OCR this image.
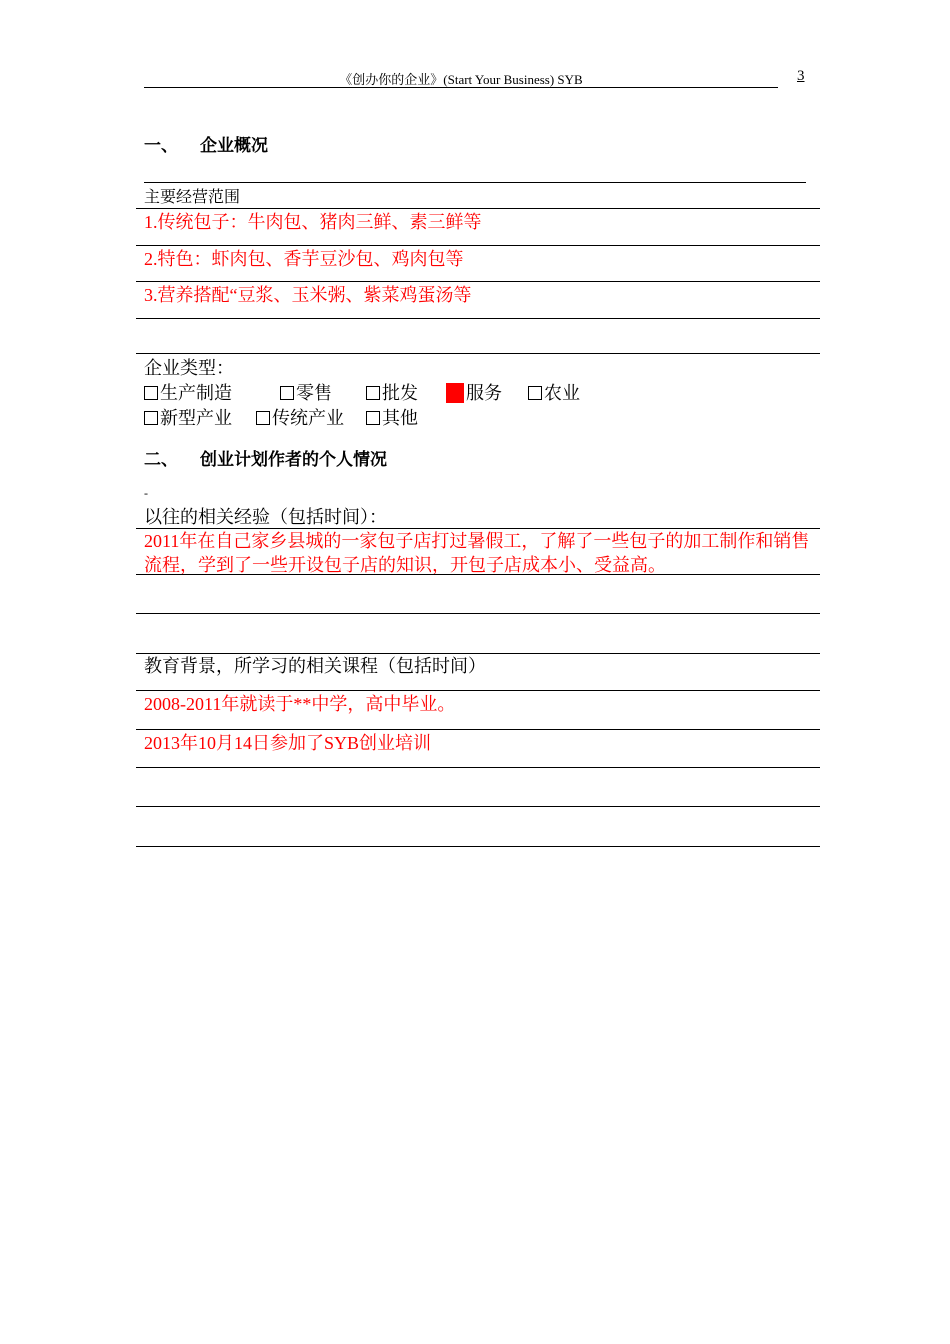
《创办你的企业》(Start Your Business) SYB	3
一、 企业概况
主要经营范围
1.传统包子：牛肉包、猪肉三鲜、素三鲜等
2.特色：虾肉包、香芋豆沙包、鸡肉包等
3.营养搭配“豆浆、玉米粥、紫菜鸡蛋汤等
企业类型：
生产制造	零售	批发	服务	农业
新型产业	传统产业	其他
二、 创业计划作者的个人情况
-
以往的相关经验（包括时间）：
2011年在自己家乡县城的一家包子店打过暑假工，了解了一些包子的加工制作和销售流程，学到了一些开设包子店的知识，开包子店成本小、受益高。
教育背景，所学习的相关课程（包括时间）
2008-2011年就读于**中学，高中毕业。
2013年10月14日参加了SYB创业培训
